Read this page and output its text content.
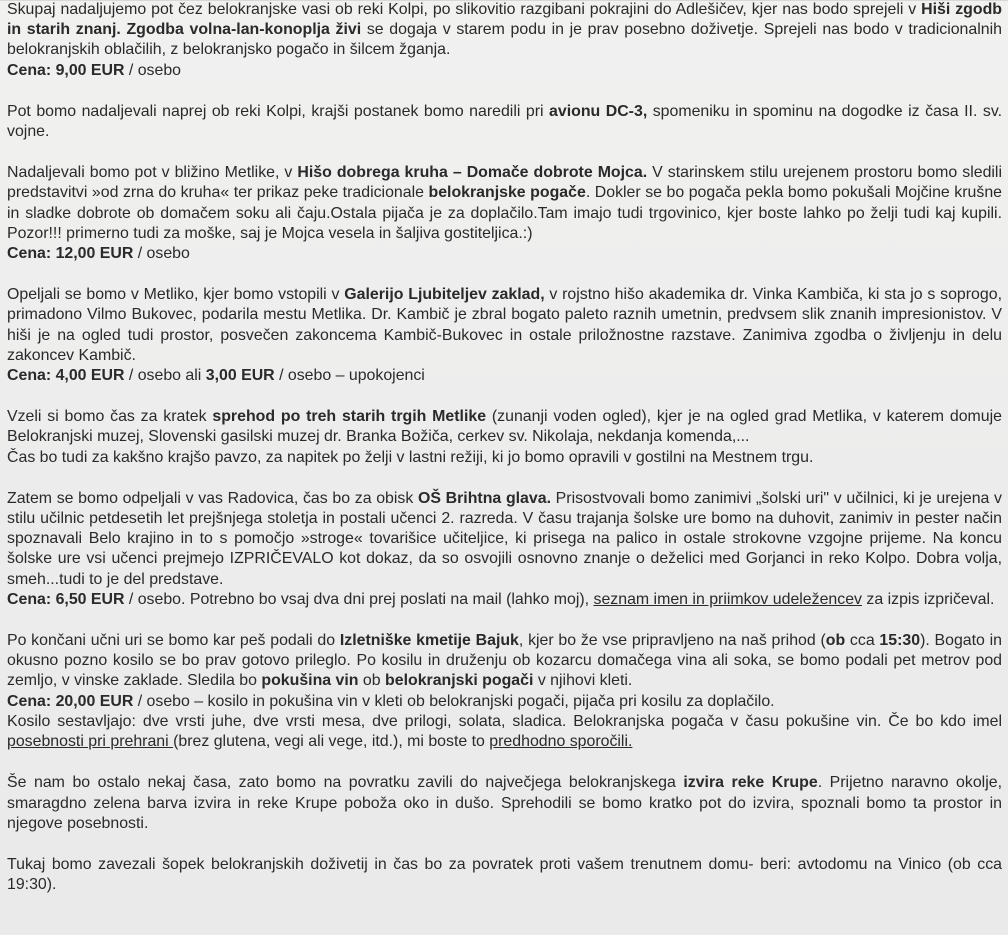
Skupaj nadaljujemo pot čez belokranjske vasi ob reki Kolpi, po slikovitio razgibani pokrajini do Adlešičev, kjer nas bodo sprejeli v Hiši zgodb in starih znanj. Zgodba volna-lan-konoplja živi se dogaja v starem podu in je prav posebno doživetje. Sprejeli nas bodo v tradicionalnih belokranjskih oblačilih, z belokranjsko pogačo in šilcem žganja.
Cena: 9,00 EUR / osebo

Pot bomo nadaljevali naprej ob reki Kolpi, krajši postanek bomo naredili pri avionu DC-3, spomeniku in spominu na dogodke iz časa II. sv. vojne.

Nadaljevali bomo pot v bližino Metlike, v Hišo dobrega kruha – Domače dobrote Mojca. V starinskem stilu urejenem prostoru bomo sledili predstavitvi »od zrna do kruha« ter prikaz peke tradicionale belokranjske pogače. Dokler se bo pogača pekla bomo pokušali Mojčine krušne in sladke dobrote ob domačem soku ali čaju.Ostala pijača je za doplačilo.Tam imajo tudi trgovinico, kjer boste lahko po želji tudi kaj kupili. Pozor!!! primerno tudi za moške, saj je Mojca vesela in šaljiva gostiteljica.:)
Cena: 12,00 EUR / osebo

Opeljali se bomo v Metliko, kjer bomo vstopili v Galerijo Ljubiteljev zaklad, v rojstno hišo akademika dr. Vinka Kambiča, ki sta jo s soprogo, primadono Vilmo Bukovec, podarila mestu Metlika. Dr. Kambič je zbral bogato paleto raznih umetnin, predvsem slik znanih impresionistov. V hiši je na ogled tudi prostor, posvečen zakoncema Kambič-Bukovec in ostale priložnostne razstave. Zanimiva zgodba o življenju in delu zakoncev Kambič.
Cena: 4,00 EUR / osebo ali 3,00 EUR / osebo – upokojenci

Vzeli si bomo čas za kratek sprehod po treh starih trgih Metlike (zunanji voden ogled), kjer je na ogled grad Metlika, v katerem domuje Belokranjski muzej, Slovenski gasilski muzej dr. Branka Božiča, cerkev sv. Nikolaja, nekdanja komenda,...
Čas bo tudi za kakšno krajšo pavzo, za napitek po želji v lastni režiji, ki jo bomo opravili v gostilni na Mestnem trgu.

Zatem se bomo odpeljali v vas Radovica, čas bo za obisk OŠ Brihtna glava. Prisostvovali bomo zanimivi „šolski uri" v učilnici, ki je urejena v stilu učilnic petdesetih let prejšnjega stoletja in postali učenci 2. razreda. V času trajanja šolske ure bomo na duhovit, zanimiv in pester način spoznavali Belo krajino in to s pomočjo »stroge« tovarišice učiteljice, ki prisega na palico in ostale strokovne vzgojne prijeme. Na koncu šolske ure vsi učenci prejmejo IZPRIČEVALO kot dokaz, da so osvojili osnovno znanje o deželici med Gorjanci in reko Kolpo. Dobra volja, smeh...tudi to je del predstave.
Cena: 6,50 EUR / osebo. Potrebno bo vsaj dva dni prej poslati na mail (lahko moj), seznam imen in priimkov udeležencev za izpis izpričeval.

Po končani učni uri se bomo kar peš podali do Izletniške kmetije Bajuk, kjer bo že vse pripravljeno na naš prihod (ob cca 15:30). Bogato in okusno pozno kosilo se bo prav gotovo prileglo. Po kosilu in druženju ob kozarcu domačega vina ali soka, se bomo podali pet metrov pod zemljo, v vinske zaklade. Sledila bo pokušina vin ob belokranjski pogači v njihovi kleti.
Cena: 20,00 EUR / osebo – kosilo in pokušina vin v kleti ob belokranjski pogači, pijača pri kosilu za doplačilo.
Kosilo sestavljajo: dve vrsti juhe, dve vrsti mesa, dve prilogi, solata, sladica. Belokranjska pogača v času pokušine vin. Če bo kdo imel posebnosti pri prehrani (brez glutena, vegi ali vege, itd.), mi boste to predhodno sporočili.

Še nam bo ostalo nekaj časa, zato bomo na povratku zavili do največjega belokranjskega izvira reke Krupe. Prijetno naravno okolje, smaragdno zelena barva izvira in reke Krupe poboža oko in dušo. Sprehodili se bomo kratko pot do izvira, spoznali bomo ta prostor in njegove posebnosti.

Tukaj bomo zavezali šopek belokranjskih doživetij in čas bo za povratek proti vašem trenutnem domu- beri: avtodomu na Vinico (ob cca 19:30).
